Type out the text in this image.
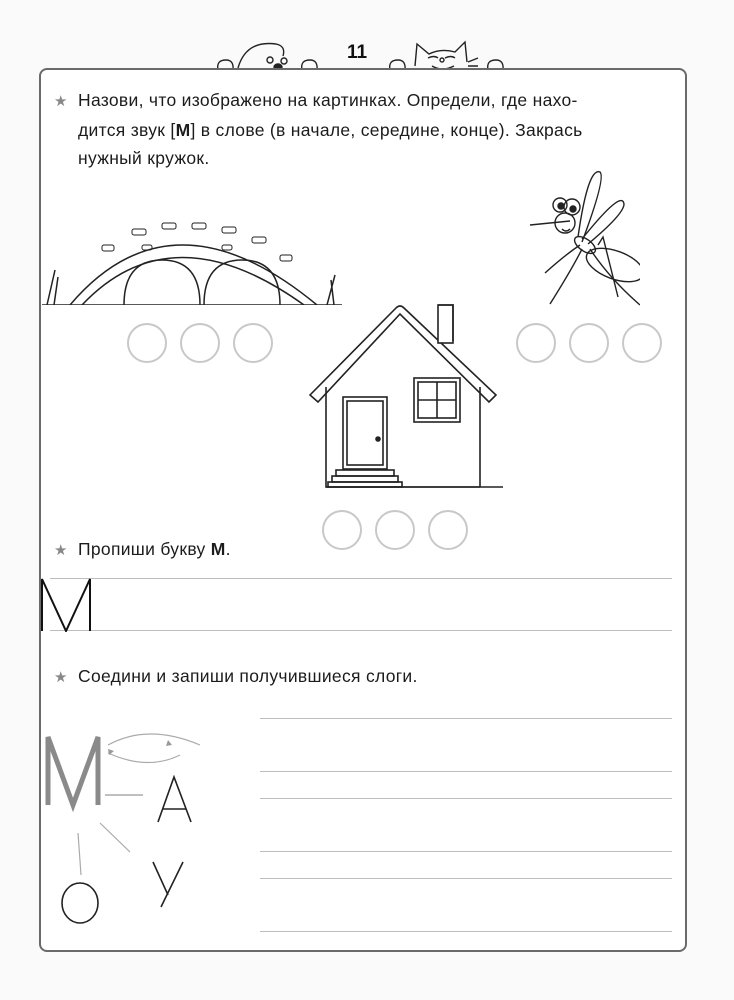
11
★ Назови, что изображено на картинках. Определи, где нахо-
дится звук [М] в слове (в начале, середине, конце). Закрась
нужный кружок.
★ Пропиши букву М.
★ Соедини и запиши получившиеся слоги.
